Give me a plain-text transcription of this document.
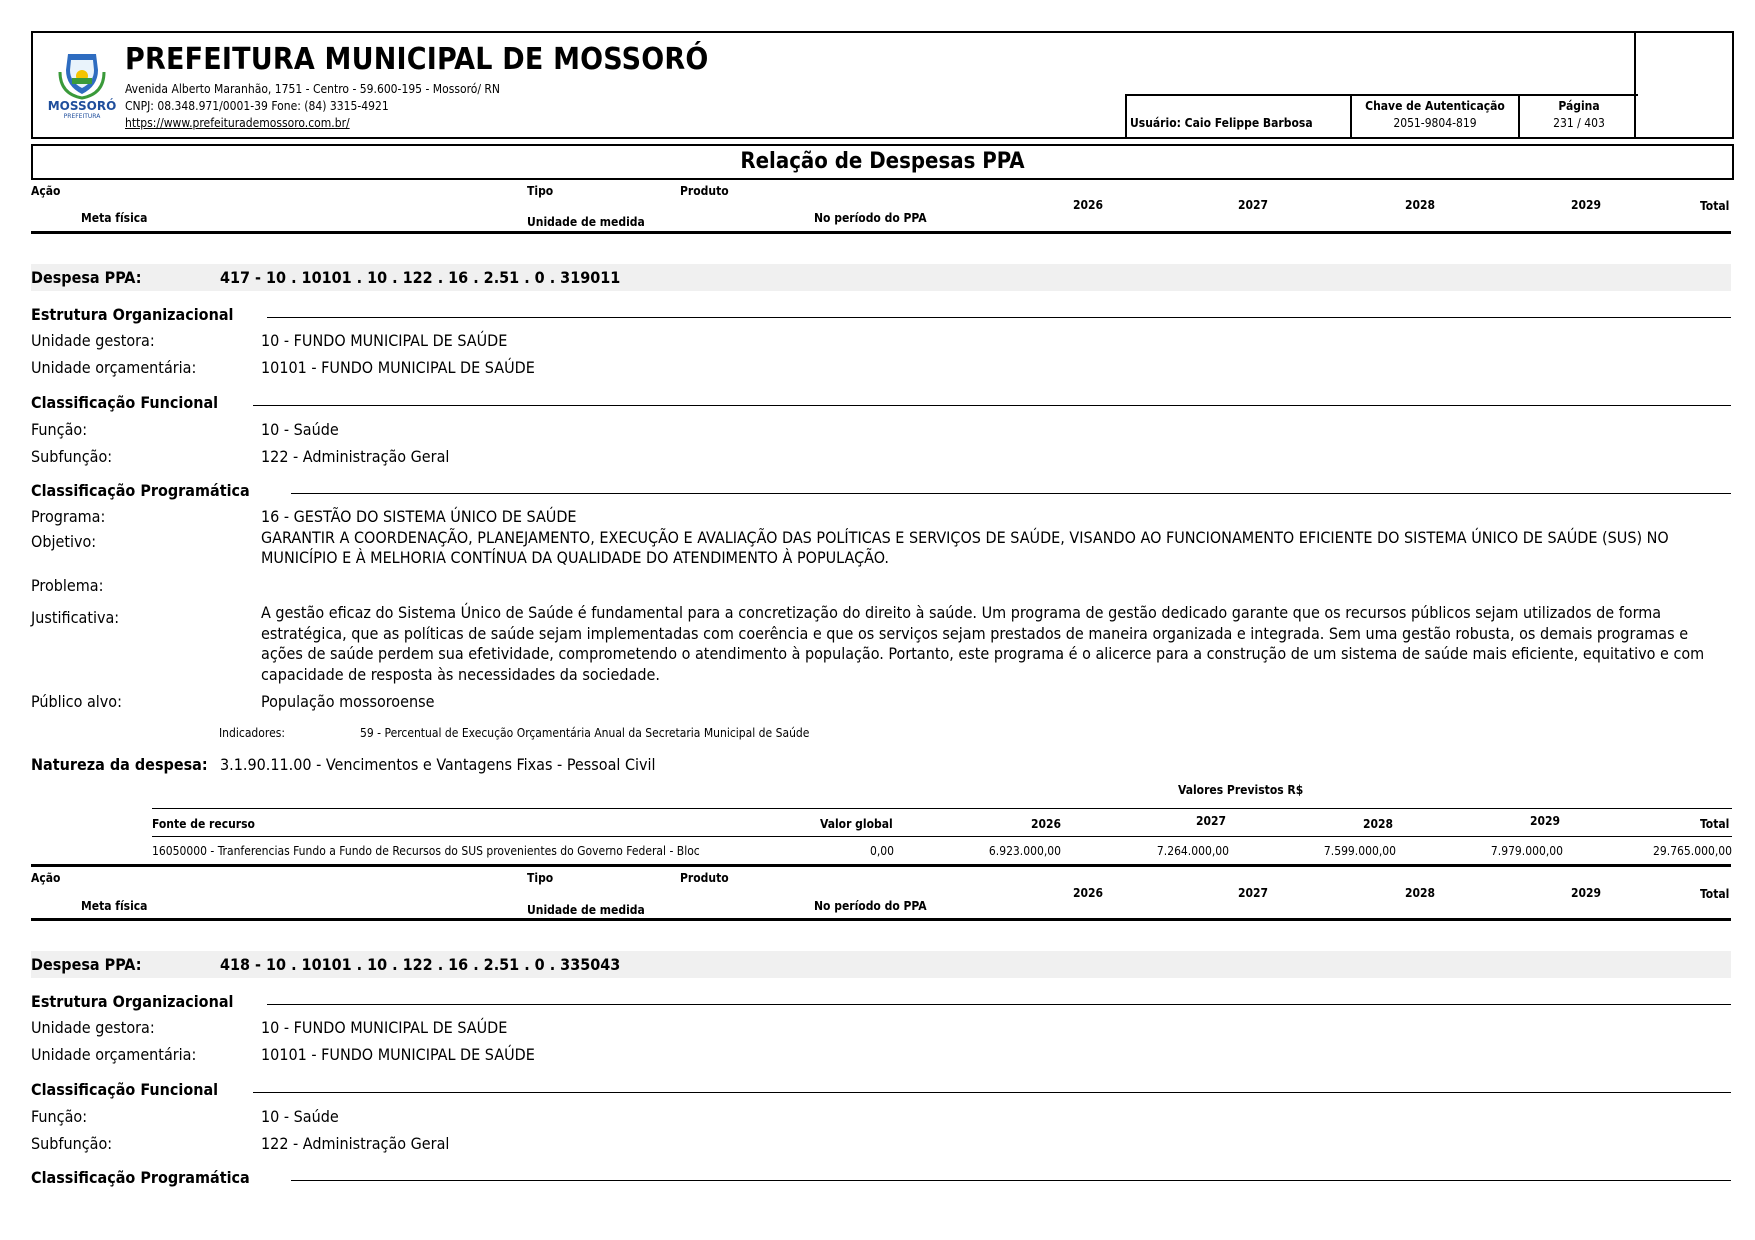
MOSSORÓ
PREFEITURA
PREFEITURA MUNICIPAL DE MOSSORÓ
Avenida Alberto Maranhão, 1751 - Centro - 59.600-195 - Mossoró/ RN
CNPJ: 08.348.971/0001-39 Fone: (84) 3315-4921
https://www.prefeiturademossoro.com.br/	Usuário: Caio Felippe Barbosa
Chave de Autenticação
2051-9804-819
Página
231 / 403
Relação de Despesas PPA
Ação
Meta física
Tipo
Unidade de medida
Produto
No período do PPA
2026	2027	2028	2029	Total
Despesa PPA:	417 - 10 . 10101 . 10 . 122 . 16 . 2.51 . 0 . 319011
Estrutura Organizacional
Unidade gestora:	10 - FUNDO MUNICIPAL DE SAÚDE
Unidade orçamentária:	10101 - FUNDO MUNICIPAL DE SAÚDE
Classificação Funcional
Função:	10 - Saúde
Subfunção:	122 - Administração Geral
Classificação Programática
Programa:	16 - GESTÃO DO SISTEMA ÚNICO DE SAÚDE
Objetivo:	GARANTIR A COORDENAÇÃO, PLANEJAMENTO, EXECUÇÃO E AVALIAÇÃO DAS POLÍTICAS E SERVIÇOS DE SAÚDE, VISANDO AO FUNCIONAMENTO EFICIENTE DO SISTEMA ÚNICO DE SAÚDE (SUS) NO MUNICÍPIO E À MELHORIA CONTÍNUA DA QUALIDADE DO ATENDIMENTO À POPULAÇÃO.
Problema:
Justificativa:	A gestão eficaz do Sistema Único de Saúde é fundamental para a concretização do direito à saúde. Um programa de gestão dedicado garante que os recursos públicos sejam utilizados de forma estratégica, que as políticas de saúde sejam implementadas com coerência e que os serviços sejam prestados de maneira organizada e integrada. Sem uma gestão robusta, os demais programas e ações de saúde perdem sua efetividade, comprometendo o atendimento à população. Portanto, este programa é o alicerce para a construção de um sistema de saúde mais eficiente, equitativo e com capacidade de resposta às necessidades da sociedade.
Público alvo:	População mossoroense
Indicadores:	59 - Percentual de Execução Orçamentária Anual da Secretaria Municipal de Saúde
Natureza da despesa: 3.1.90.11.00 - Vencimentos e Vantagens Fixas - Pessoal Civil
Valores Previstos R$
Fonte de recurso	Valor global	2026	2027	2028	2029	Total
16050000 - Tranferencias Fundo a Fundo de Recursos do SUS provenientes do Governo Federal - Bloc	0,00	6.923.000,00	7.264.000,00	7.599.000,00	7.979.000,00	29.765.000,00
Ação
Meta física
Tipo
Unidade de medida
Produto
No período do PPA
2026	2027	2028	2029	Total
Despesa PPA:	418 - 10 . 10101 . 10 . 122 . 16 . 2.51 . 0 . 335043
Estrutura Organizacional
Unidade gestora:	10 - FUNDO MUNICIPAL DE SAÚDE
Unidade orçamentária:	10101 - FUNDO MUNICIPAL DE SAÚDE
Classificação Funcional
Função:	10 - Saúde
Subfunção:	122 - Administração Geral
Classificação Programática
